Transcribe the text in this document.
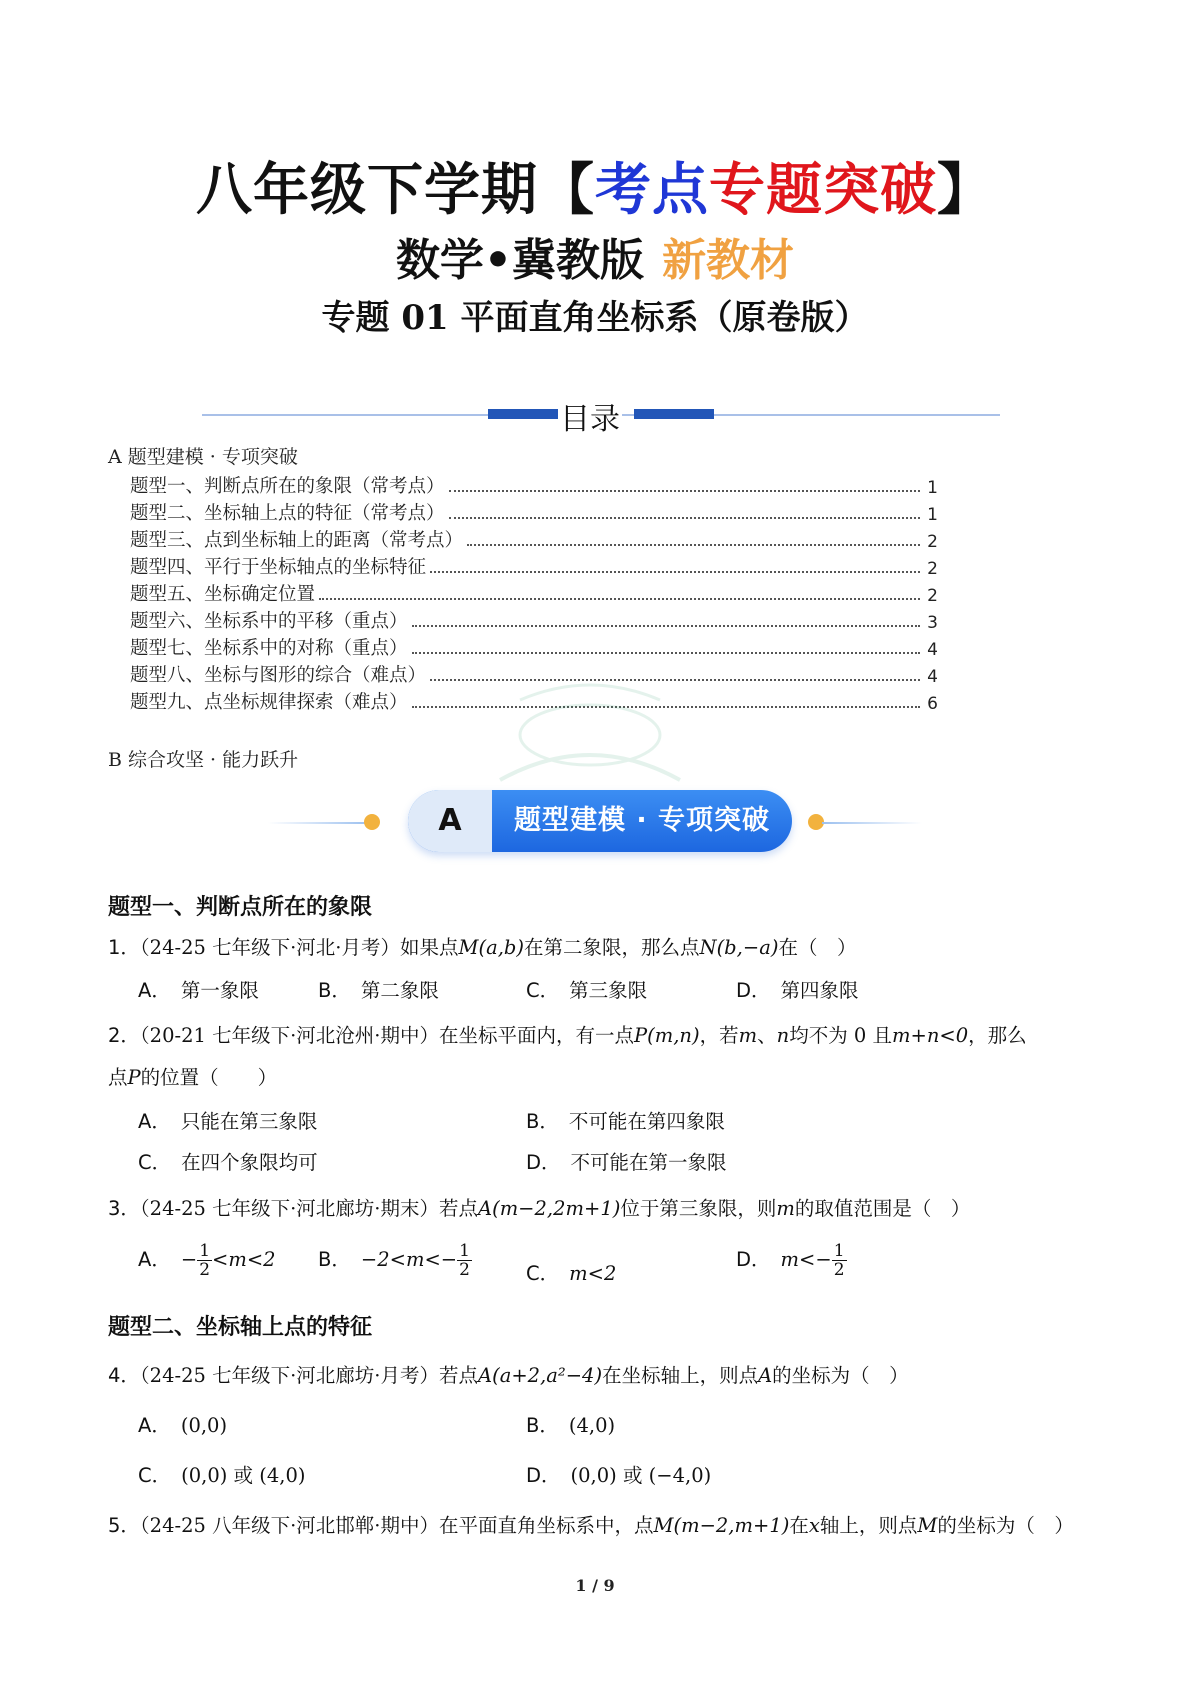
八年级下学期【考点专题突破】
数学•冀教版 新教材
专题 01 平面直角坐标系（原卷版）
目录
A 题型建模 · 专项突破
题型一、判断点所在的象限（常考点）	1
题型二、坐标轴上点的特征（常考点）	1
题型三、点到坐标轴上的距离（常考点）	2
题型四、平行于坐标轴点的坐标特征	2
题型五、坐标确定位置	2
题型六、坐标系中的平移（重点）	3
题型七、坐标系中的对称（重点）	4
题型八、坐标与图形的综合（难点）	4
题型九、点坐标规律探索（难点）	6
B 综合攻坚 · 能力跃升
A	题型建模 · 专项突破
题型一、判断点所在的象限
1．（24-25 七年级下·河北·月考）如果点M(a,b)在第二象限，那么点N(b,−a)在（　）
A． 第一象限	B． 第二象限	C． 第三象限	D． 第四象限
2．（20-21 七年级下·河北沧州·期中）在坐标平面内，有一点P(m,n)，若m、n均不为 0 且m+n<0，那么
点P的位置（　　）
A． 只能在第三象限	B． 不可能在第四象限
C． 在四个象限均可	D． 不可能在第一象限
3．（24-25 七年级下·河北廊坊·期末）若点A(m−2,2m+1)位于第三象限，则m的取值范围是（　）
A． − $\frac{1}{2} <m<2$ B． $-2<m<- \frac{1}{2}$	C． m<2
D． $m<- \frac{1}{2}$
题型二、坐标轴上点的特征
4．（24-25 七年级下·河北廊坊·月考）若点A(a+2,a²−4)在坐标轴上，则点A的坐标为（　）
A． (0,0)	B． (4,0)
C． (0,0) 或 (4,0)	D． (0,0) 或 (−4,0)
5．（24-25 八年级下·河北邯郸·期中）在平面直角坐标系中，点M(m−2,m+1)在x轴上，则点M的坐标为（　）
1 / 9
